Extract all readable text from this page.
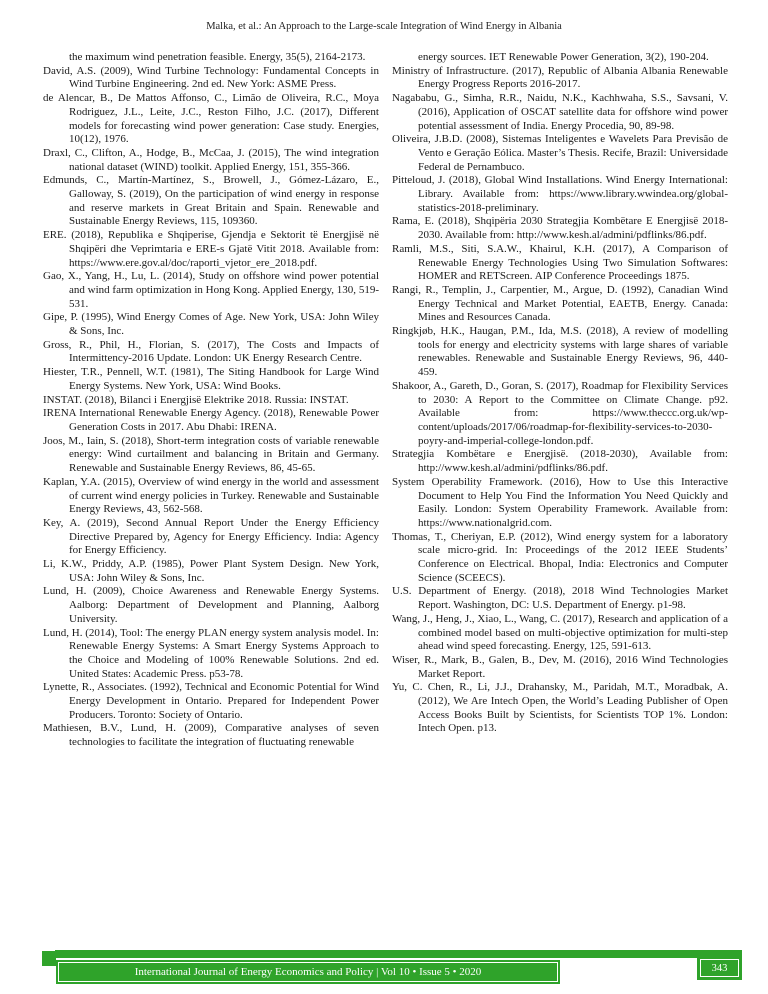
Malka, et al.: An Approach to the Large-scale Integration of Wind Energy in Albania

the maximum wind penetration feasible. Energy, 35(5), 2164-2173.

David, A.S. (2009), Wind Turbine Technology: Fundamental Concepts in Wind Turbine Engineering. 2nd ed. New York: ASME Press.

de Alencar, B., De Mattos Affonso, C., Limão de Oliveira, R.C., Moya Rodriguez, J.L., Leite, J.C., Reston Filho, J.C. (2017), Different models for forecasting wind power generation: Case study. Energies, 10(12), 1976.

Draxl, C., Clifton, A., Hodge, B., McCaa, J. (2015), The wind integration national dataset (WIND) toolkit. Applied Energy, 151, 355-366.

Edmunds, C., Martín-Martínez, S., Browell, J., Gómez-Lázaro, E., Galloway, S. (2019), On the participation of wind energy in response and reserve markets in Great Britain and Spain. Renewable and Sustainable Energy Reviews, 115, 109360.

ERE. (2018), Republika e Shqiperise, Gjendja e Sektorit të Energjisë në Shqipëri dhe Veprimtaria e ERE-s Gjatë Vitit 2018. Available from: https://www.ere.gov.al/doc/raporti_vjetor_ere_2018.pdf.

Gao, X., Yang, H., Lu, L. (2014), Study on offshore wind power potential and wind farm optimization in Hong Kong. Applied Energy, 130, 519-531.

Gipe, P. (1995), Wind Energy Comes of Age. New York, USA: John Wiley & Sons, Inc.

Gross, R., Phil, H., Florian, S. (2017), The Costs and Impacts of Intermittency-2016 Update. London: UK Energy Research Centre.

Hiester, T.R., Pennell, W.T. (1981), The Siting Handbook for Large Wind Energy Systems. New York, USA: Wind Books.

INSTAT. (2018), Bilanci i Energjisë Elektrike 2018. Russia: INSTAT.

IRENA International Renewable Energy Agency. (2018), Renewable Power Generation Costs in 2017. Abu Dhabi: IRENA.

Joos, M., Iain, S. (2018), Short-term integration costs of variable renewable energy: Wind curtailment and balancing in Britain and Germany. Renewable and Sustainable Energy Reviews, 86, 45-65.

Kaplan, Y.A. (2015), Overview of wind energy in the world and assessment of current wind energy policies in Turkey. Renewable and Sustainable Energy Reviews, 43, 562-568.

Key, A. (2019), Second Annual Report Under the Energy Efficiency Directive Prepared by, Agency for Energy Efficiency. India: Agency for Energy Efficiency.

Li, K.W., Priddy, A.P. (1985), Power Plant System Design. New York, USA: John Wiley & Sons, Inc.

Lund, H. (2009), Choice Awareness and Renewable Energy Systems. Aalborg: Department of Development and Planning, Aalborg University.

Lund, H. (2014), Tool: The energy PLAN energy system analysis model. In: Renewable Energy Systems: A Smart Energy Systems Approach to the Choice and Modeling of 100% Renewable Solutions. 2nd ed. United States: Academic Press. p53-78.

Lynette, R., Associates. (1992), Technical and Economic Potential for Wind Energy Development in Ontario. Prepared for Independent Power Producers. Toronto: Society of Ontario.

Mathiesen, B.V., Lund, H. (2009), Comparative analyses of seven technologies to facilitate the integration of fluctuating renewable

energy sources. IET Renewable Power Generation, 3(2), 190-204.

Ministry of Infrastructure. (2017), Republic of Albania Albania Renewable Energy Progress Reports 2016-2017.

Nagababu, G., Simha, R.R., Naidu, N.K., Kachhwaha, S.S., Savsani, V. (2016), Application of OSCAT satellite data for offshore wind power potential assessment of India. Energy Procedia, 90, 89-98.

Oliveira, J.B.D. (2008), Sistemas Inteligentes e Wavelets Para Previsão de Vento e Geração Eólica. Master’s Thesis. Recife, Brazil: Universidade Federal de Pernambuco.

Pitteloud, J. (2018), Global Wind Installations. Wind Energy International: Library. Available from: https://www.library.wwindea.org/global-statistics-2018-preliminary.

Rama, E. (2018), Shqipëria 2030 Strategjia Kombëtare E Energjisë 2018-2030. Available from: http://www.kesh.al/admini/pdflinks/86.pdf.

Ramli, M.S., Siti, S.A.W., Khairul, K.H. (2017), A Comparison of Renewable Energy Technologies Using Two Simulation Softwares: HOMER and RETScreen. AIP Conference Proceedings 1875.

Rangi, R., Templin, J., Carpentier, M., Argue, D. (1992), Canadian Wind Energy Technical and Market Potential, EAETB, Energy. Canada: Mines and Resources Canada.

Ringkjøb, H.K., Haugan, P.M., Ida, M.S. (2018), A review of modelling tools for energy and electricity systems with large shares of variable renewables. Renewable and Sustainable Energy Reviews, 96, 440-459.

Shakoor, A., Gareth, D., Goran, S. (2017), Roadmap for Flexibility Services to 2030: A Report to the Committee on Climate Change. p92. Available from: https://www.theccc.org.uk/wp-content/uploads/2017/06/roadmap-for-flexibility-services-to-2030-poyry-and-imperial-college-london.pdf.

Strategjia Kombëtare e Energjisë. (2018-2030), Available from: http://www.kesh.al/admini/pdflinks/86.pdf.

System Operability Framework. (2016), How to Use this Interactive Document to Help You Find the Information You Need Quickly and Easily. London: System Operability Framework. Available from: https://www.nationalgrid.com.

Thomas, T., Cheriyan, E.P. (2012), Wind energy system for a laboratory scale micro-grid. In: Proceedings of the 2012 IEEE Students’ Conference on Electrical. Bhopal, India: Electronics and Computer Science (SCEECS).

U.S. Department of Energy. (2018), 2018 Wind Technologies Market Report. Washington, DC: U.S. Department of Energy. p1-98.

Wang, J., Heng, J., Xiao, L., Wang, C. (2017), Research and application of a combined model based on multi-objective optimization for multi-step ahead wind speed forecasting. Energy, 125, 591-613.

Wiser, R., Mark, B., Galen, B., Dev, M. (2016), 2016 Wind Technologies Market Report.

Yu, C. Chen, R., Li, J.J., Drahansky, M., Paridah, M.T., Moradbak, A. (2012), We Are Intech Open, the World’s Leading Publisher of Open Access Books Built by Scientists, for Scientists TOP 1%. London: Intech Open. p13.

International Journal of Energy Economics and Policy | Vol 10 • Issue 5 • 2020	343
